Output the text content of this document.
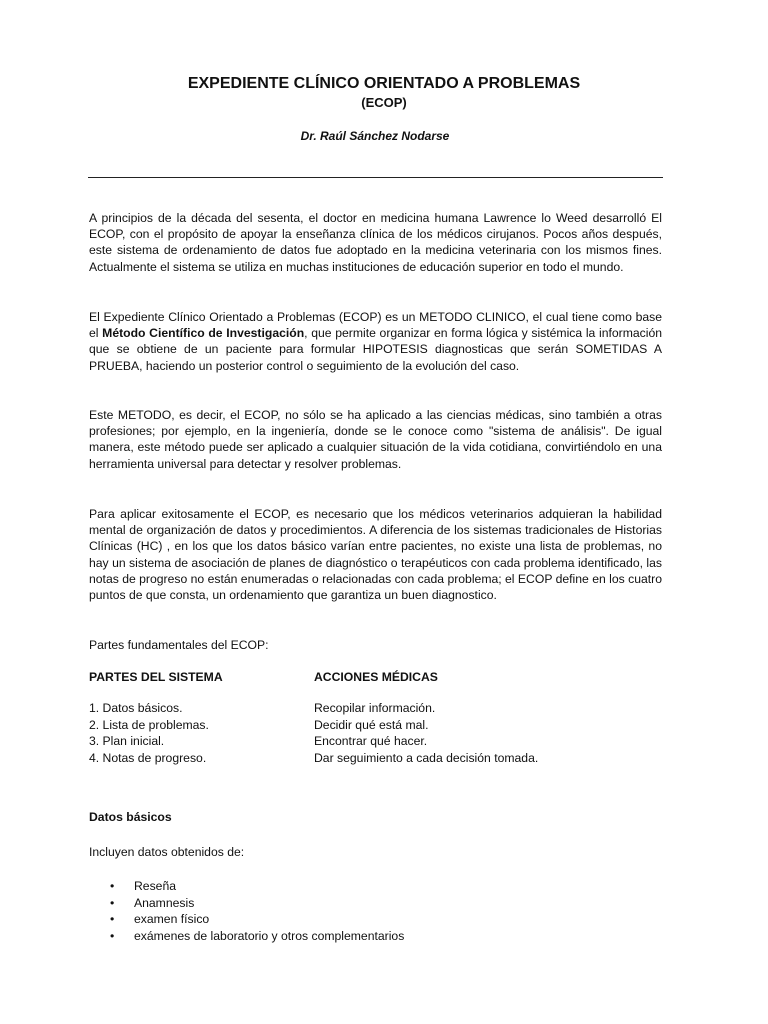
EXPEDIENTE CLÍNICO ORIENTADO A PROBLEMAS
(ECOP)
Dr. Raúl Sánchez Nodarse

A principios de la década del sesenta, el doctor en medicina humana Lawrence lo Weed desarrolló El ECOP, con el propósito de apoyar la enseñanza clínica de los médicos cirujanos. Pocos años después, este sistema de ordenamiento de datos fue adoptado en la medicina veterinaria con los mismos fines. Actualmente el sistema se utiliza en muchas instituciones de educación superior en todo el mundo.

El Expediente Clínico Orientado a Problemas (ECOP) es un METODO CLINICO, el cual tiene como base el Método Científico de Investigación, que permite organizar en forma lógica y sistémica la información que se obtiene de un paciente para formular HIPOTESIS diagnosticas que serán SOMETIDAS A PRUEBA, haciendo un posterior control o seguimiento de la evolución del caso.

Este METODO, es decir, el ECOP, no sólo se ha aplicado a las ciencias médicas, sino también a otras profesiones; por ejemplo, en la ingeniería, donde se le conoce como "sistema de análisis". De igual manera, este método puede ser aplicado a cualquier situación de la vida cotidiana, convirtiéndolo en una herramienta universal para detectar y resolver problemas.

Para aplicar exitosamente el ECOP, es necesario que los médicos veterinarios adquieran la habilidad mental de organización de datos y procedimientos. A diferencia de los sistemas tradicionales de Historias Clínicas (HC) , en los que los datos básico varían entre pacientes, no existe una lista de problemas, no hay un sistema de asociación de planes de diagnóstico o terapéuticos con cada problema identificado, las notas de progreso no están enumeradas o relacionadas con cada problema; el ECOP define en los cuatro puntos de que consta, un ordenamiento que garantiza un buen diagnostico.

Partes fundamentales del ECOP:

PARTES DEL SISTEMA	ACCIONES MÉDICAS
1. Datos básicos.
2. Lista de problemas.
3. Plan inicial.
4. Notas de progreso.
Recopilar información.
Decidir qué está mal.
Encontrar qué hacer.
Dar seguimiento a cada decisión tomada.
Datos básicos
Incluyen datos obtenidos de:
• Reseña
• Anamnesis
• examen físico
• exámenes de laboratorio y otros complementarios
